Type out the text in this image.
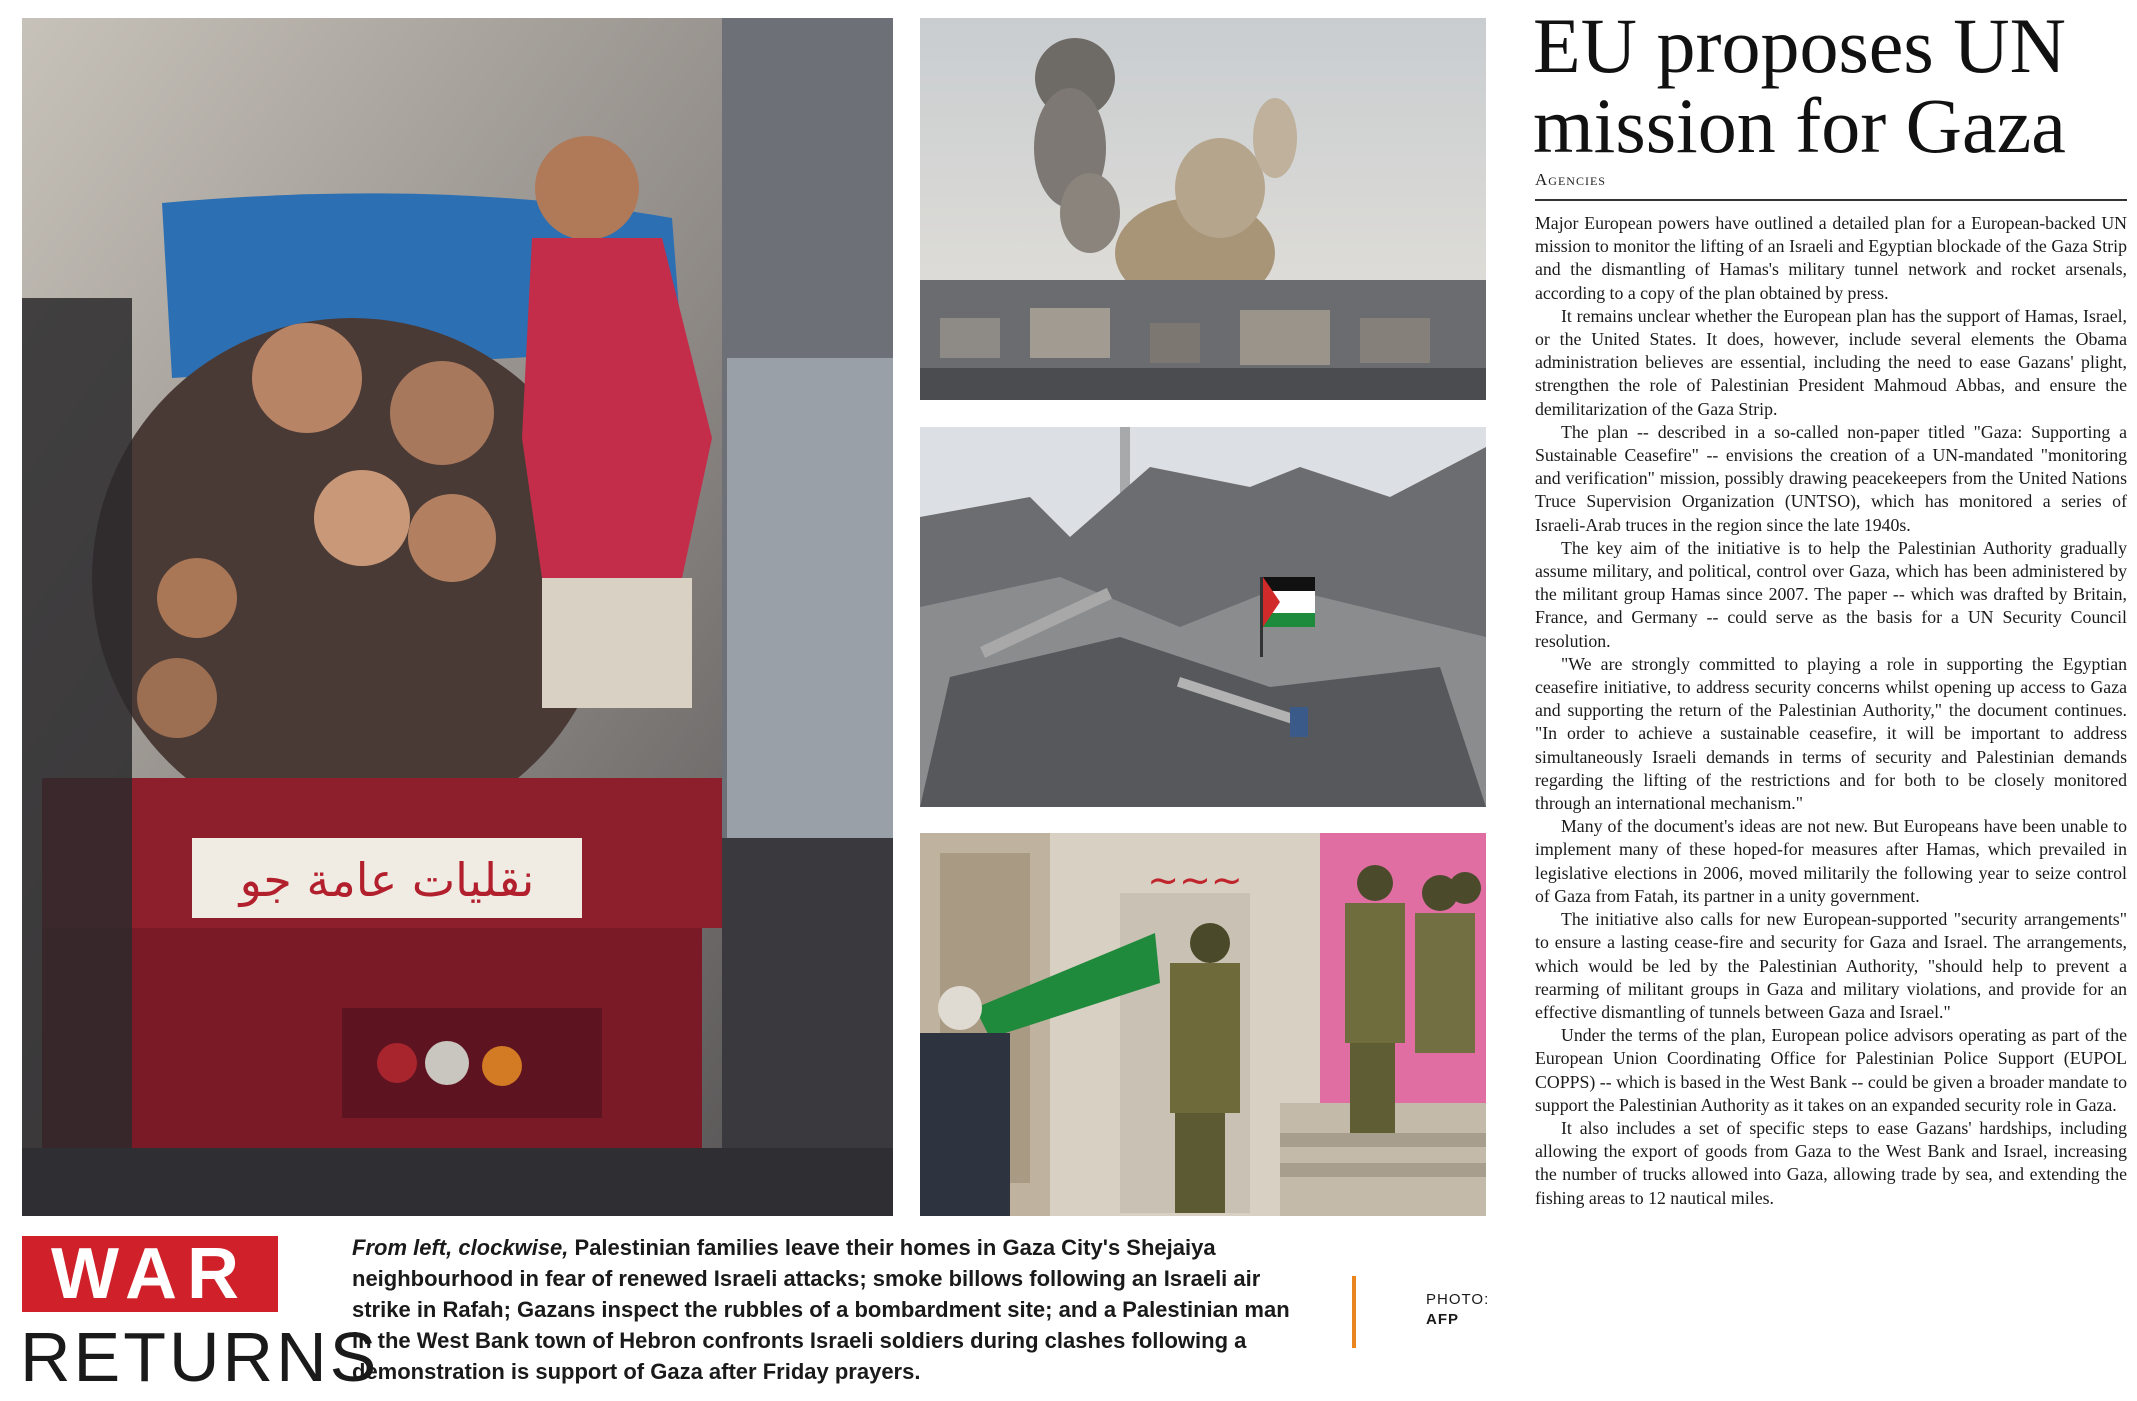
نقليات عامة جو	~~~
WAR
RETURNS
From left, clockwise, Palestinian families leave their homes in Gaza City's Shejaiya neighbourhood in fear of renewed Israeli attacks; smoke billows following an Israeli air strike in Rafah; Gazans inspect the rubbles of a bombardment site; and a Palestinian man in the West Bank town of Hebron confronts Israeli soldiers during clashes following a demonstration is support of Gaza after Friday prayers.
PHOTO:
AFP
EU proposes UN mission for Gaza
Agencies

Major European powers have outlined a detailed plan for a European-backed UN mission to monitor the lifting of an Israeli and Egyptian blockade of the Gaza Strip and the dismantling of Hamas's military tunnel network and rocket arsenals, according to a copy of the plan obtained by press.

It remains unclear whether the European plan has the support of Hamas, Israel, or the United States. It does, however, include several elements the Obama administration believes are essential, including the need to ease Gazans' plight, strengthen the role of Palestinian President Mahmoud Abbas, and ensure the demilitarization of the Gaza Strip.

The plan -- described in a so-called non-paper titled "Gaza: Supporting a Sustainable Ceasefire" -- envisions the creation of a UN-mandated "monitoring and verification" mission, possibly drawing peacekeepers from the United Nations Truce Supervision Organization (UNTSO), which has monitored a series of Israeli-Arab truces in the region since the late 1940s.

The key aim of the initiative is to help the Palestinian Authority gradually assume military, and political, control over Gaza, which has been administered by the militant group Hamas since 2007. The paper -- which was drafted by Britain, France, and Germany -- could serve as the basis for a UN Security Council resolution.

"We are strongly committed to playing a role in supporting the Egyptian ceasefire initiative, to address security concerns whilst opening up access to Gaza and supporting the return of the Palestinian Authority," the document continues. "In order to achieve a sustainable ceasefire, it will be important to address simultaneously Israeli demands in terms of security and Palestinian demands regarding the lifting of the restrictions and for both to be closely monitored through an international mechanism."

Many of the document's ideas are not new. But Europeans have been unable to implement many of these hoped-for measures after Hamas, which prevailed in legislative elections in 2006, moved militarily the following year to seize control of Gaza from Fatah, its partner in a unity government.

The initiative also calls for new European-supported "security arrangements" to ensure a lasting cease-fire and security for Gaza and Israel. The arrangements, which would be led by the Palestinian Authority, "should help to prevent a rearming of militant groups in Gaza and military violations, and provide for an effective dismantling of tunnels between Gaza and Israel."

Under the terms of the plan, European police advisors operating as part of the European Union Coordinating Office for Palestinian Police Support (EUPOL COPPS) -- which is based in the West Bank -- could be given a broader mandate to support the Palestinian Authority as it takes on an expanded security role in Gaza.

It also includes a set of specific steps to ease Gazans' hardships, including allowing the export of goods from Gaza to the West Bank and Israel, increasing the number of trucks allowed into Gaza, allowing trade by sea, and extending the fishing areas to 12 nautical miles.
